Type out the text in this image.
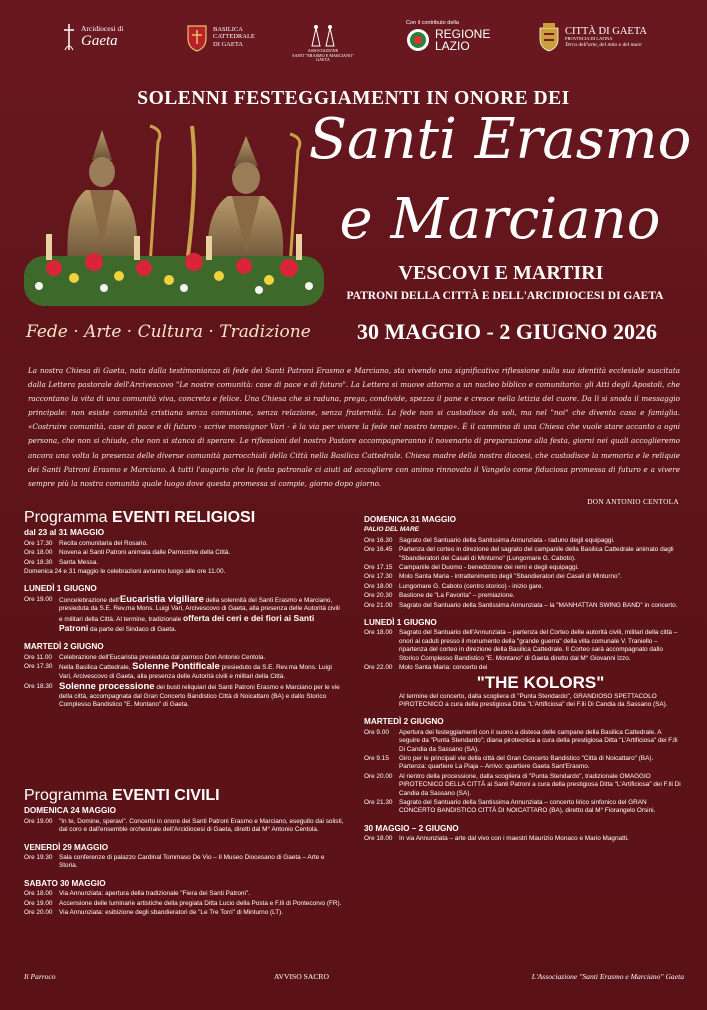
Arcidiocesi di
Gaeta
BASILICA
CATTEDRALE
DI GAETA
ASSOCIAZIONE
SANTI "ERASMO E MARCIANO"
GAETA
Con il contributo della
REGIONE
LAZIO
CITTÀ DI GAETA
PROVINCIA DI LATINA
Terra dell'arte, del mito e del mare
SOLENNI FESTEGGIAMENTI IN ONORE DEI
Santi Erasmo
e Marciano
VESCOVI E MARTIRI
PATRONI DELLA CITTÀ E DELL'ARCIDIOCESI DI GAETA
Fede · Arte · Cultura · Tradizione	30 MAGGIO - 2 GIUGNO 2026
La nostra Chiesa di Gaeta, nata dalla testimonianza di fede dei Santi Patroni Erasmo e Marciano, sta vivendo una significativa riflessione sulla sua identità ecclesiale suscitata dalla Lettera pastorale dell'Arcivescovo "Le nostre comunità: case di pace e di futuro". La Lettera si muove attorno a un nucleo biblico e comunitario: gli Atti degli Apostoli, che raccontano la vita di una comunità viva, concreta e felice. Una Chiesa che si raduna, prega, condivide, spezza il pane e cresce nella letizia del cuore. Da lì si snoda il messaggio principale: non esiste comunità cristiana senza comunione, senza relazione, senza fraternità. La fede non si custodisce da soli, ma nel "noi" che diventa casa e famiglia. «Costruire comunità, case di pace e di futuro - scrive monsignor Vari - è la via per vivere la fede nel nostro tempo». È il cammino di una Chiesa che vuole stare accanto a ogni persona, che non si chiude, che non si stanca di sperare. Le riflessioni del nostro Pastore accompagneranno il novenario di preparazione alla festa, giorni nei quali accoglieremo ancora una volta la presenza delle diverse comunità parrocchiali della Città nella Basilica Cattedrale. Chiesa madre della nostra diocesi, che custodisce la memoria e le reliquie dei Santi Patroni Erasmo e Marciano. A tutti l'augurio che la festa patronale ci aiuti ad accogliere con animo rinnovato il Vangelo come fiduciosa promessa di futuro e a vivere sempre più la nostra comunità quale luogo dove questa promessa si compie, giorno dopo giorno.
DON ANTONIO CENTOLA
Programma EVENTI RELIGIOSI
dal 23 al 31 MAGGIO
Ore 17.30	Recita comunitaria del Rosario.
Ore 18.00	Novena ai Santi Patroni animata dalle Parrocchie della Città.
Ore 18.30	Santa Messa.
Domenica 24 e 31 maggio le celebrazioni avranno luogo alle ore 11.00.
LUNEDÌ 1 GIUGNO
Ore 19.00	Concelebrazione dell'Eucaristia vigiliare della solennità dei Santi Erasmo e Marciano, presieduta da S.E. Rev.ma Mons. Luigi Vari, Arcivescovo di Gaeta, alla presenza delle Autorità civili e militari della Città. Al termine, tradizionale offerta dei ceri e dei fiori ai Santi Patroni da parte del Sindaco di Gaeta.
MARTEDÌ 2 GIUGNO
Ore 11.00	Celebrazione dell'Eucaristia presieduta dal parroco Don Antonio Centola.
Ore 17.30	Nella Basilica Cattedrale, Solenne Pontificale presieduto da S.E. Rev.ma Mons. Luigi Vari, Arcivescovo di Gaeta, alla presenza delle Autorità civili e militari della Città.
Ore 18.30 Solenne processione dei busti reliquiari dei Santi Patroni Erasmo e Marciano per le vie della città, accompagnata dal Gran Concerto Bandistico Città di Noicattaro (BA) e dallo Storico Complesso Bandistico "E. Montano" di Gaeta.
Programma EVENTI CIVILI
DOMENICA 24 MAGGIO
Ore 19.00	"In te, Domine, speravi". Concerto in onore dei Santi Patroni Erasmo e Marciano, eseguito dai solisti, dal coro e dall'ensemble orchestrale dell'Arcidiocesi di Gaeta, diretti dal M° Antonio Centola.
VENERDÌ 29 MAGGIO
Ore 19.30	Sala conferenze di palazzo Cardinal Tommaso De Vio – Il Museo Diocesano di Gaeta – Arte e Storia.
SABATO 30 MAGGIO
Ore 18.00	Via Annunziata: apertura della tradizionale "Fiera dei Santi Patroni".
Ore 19.00	Accensione delle luminarie artistiche della pregiata Ditta Lucio della Posta e F.lli di Pontecorvo (FR).
Ore 20.00	Via Annunziata: esibizione degli sbandieratori de "Le Tre Torri" di Minturno (LT).
DOMENICA 31 MAGGIO
PALIO DEL MARE
Ore 16.30	Sagrato del Santuario della Santissima Annunziata - raduno degli equipaggi.
Ore 16.45	Partenza del corteo in direzione del sagrato del campanile della Basilica Cattedrale animato dagli "Sbandieratori dei Casali di Minturno" (Lungomare G. Caboto).
Ore 17.15	Campanile del Duomo - benedizione dei remi e degli equipaggi.
Ore 17.30	Molo Santa Maria - intrattenimento degli "Sbandieratori dei Casali di Minturno".
Ore 18.00	Lungomare G. Caboto (centro storico) - inizio gare.
Ore 20.30	Bastione de "La Favorita" – premiazione.
Ore 21.00	Sagrato del Santuario della Santissima Annunziata – la "MANHATTAN SWING BAND" in concerto.
LUNEDÌ 1 GIUGNO
Ore 18.00	Sagrato del Santuario dell'Annunziata – partenza del Corteo delle autorità civili, militari della città – onori ai caduti presso il monumento della "grande guerra" della villa comunale V. Traniello – ripartenza del corteo in direzione della Basilica Cattedrale. Il Corteo sarà accompagnato dallo Storico Complesso Bandistico "E. Montano" di Gaeta diretto dal M° Giovanni Izzo.
Ore 22.00	Molo Santa Maria: concerto dei
"THE KOLORS"
Al termine del concerto, dalla scogliera di "Punta Stendardo", GRANDIOSO SPETTACOLO PIROTECNICO a cura della prestigiosa Ditta "L'Artificiosa" dei F.lli Di Candia da Sassano (SA).
MARTEDÌ 2 GIUGNO
Ore 9.00	Apertura dei festeggiamenti con il suono a distesa delle campane della Basilica Cattedrale. A seguire da "Punta Stendardo"; diana pirotecnica a cura della prestigiosa Ditta "L'Artificiosa" dei F.lli Di Candia da Sassano (SA).
Ore 9.15	Giro per le principali vie della città del Gran Concerto Bandistico "Città di Noicattaro" (BA). Partenza: quartiere La Piaja – Arrivo: quartiere Gaeta Sant'Erasmo.
Ore 20.00	Al rientro della processione, dalla scogliera di "Punta Stendardo", tradizionale OMAGGIO PIROTECNICO DELLA CITTÀ ai Santi Patroni a cura della prestigiosa Ditta "L'Artificiosa" dei F.lli Di Candia da Sassano (SA).
Ore 21.30	Sagrato del Santuario della Santissima Annunziata – concerto lirico sinfonico del GRAN CONCERTO BANDISTICO CITTÀ DI NOICATTARO (BA), diretto dal M° Fiorangelo Orsini.
30 MAGGIO – 2 GIUGNO
Ore 18.00	In via Annunziata – arte dal vivo con i maestri Maurizio Monaco e Mario Magnatti.
Il Parroco	AVVISO SACRO	L'Associazione "Santi Erasmo e Marciano" Gaeta
